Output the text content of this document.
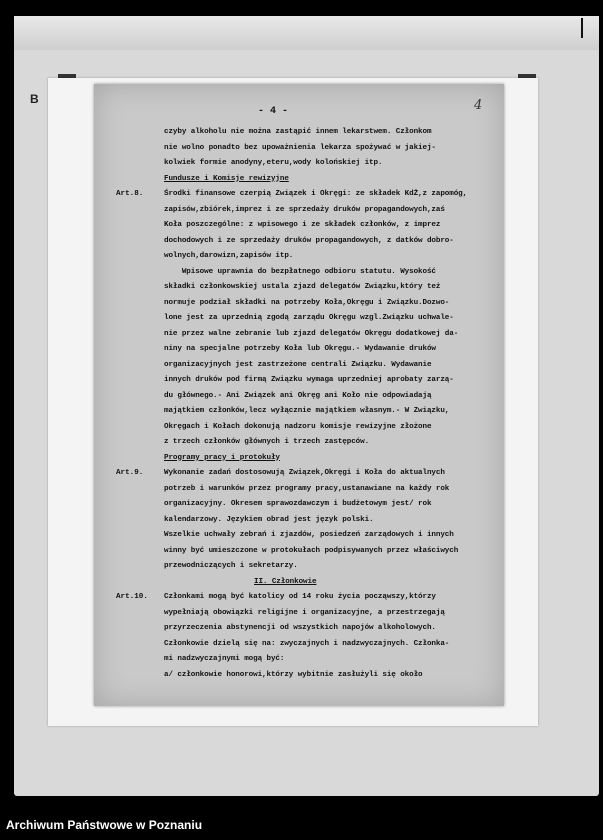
B
- 4 -	4
czyby alkoholu nie można zastąpić innem lekarstwem. Członkom
nie wolno ponadto bez upoważnienia lekarza spożywać w jakiej-
kolwiek formie anodyny,eteru,wody kolońskiej itp.
Fundusze i Komisje rewizyjne
Art.8.	Środki finansowe czerpią Związek i Okręgi: ze składek KdŻ,z zapomóg,
zapisów,zbiórek,imprez i ze sprzedaży druków propagandowych,zaś
Koła poszczególne: z wpisowego i ze składek członków, z imprez
dochodowych i ze sprzedaży druków propagandowych, z datków dobro-
wolnych,darowizn,zapisów itp.
Wpisowe uprawnia do bezpłatnego odbioru statutu. Wysokość
składki członkowskiej ustala zjazd delegatów Związku,który też
normuje podział składki na potrzeby Koła,Okręgu i Związku.Dozwo-
lone jest za uprzednią zgodą zarządu Okręgu wzgl.Związku uchwale-
nie przez walne zebranie lub zjazd delegatów Okręgu dodatkowej da-
niny na specjalne potrzeby Koła lub Okręgu.- Wydawanie druków
organizacyjnych jest zastrzeżone centrali Związku. Wydawanie
innych druków pod firmą Związku wymaga uprzedniej aprobaty zarzą-
du głównego.- Ani Związek ani Okręg ani Koło nie odpowiadają
majątkiem członków,lecz wyłącznie majątkiem własnym.- W Związku,
Okręgach i Kołach dokonują nadzoru komisje rewizyjne złożone
z trzech członków głównych i trzech zastępców.
Programy pracy i protokuły
Art.9.	Wykonanie zadań dostosowują Związek,Okręgi i Koła do aktualnych
potrzeb i warunków przez programy pracy,ustanawiane na każdy rok
organizacyjny. Okresem sprawozdawczym i budżetowym jest/ rok
kalendarzowy. Językiem obrad jest język polski.
Wszelkie uchwały zebrań i zjazdów, posiedzeń zarządowych i innych
winny być umieszczone w protokułach podpisywanych przez właściwych
przewodniczących i sekretarzy.
II. Członkowie
Art.10. Członkami mogą być katolicy od 14 roku życia począwszy,którzy
wypełniają obowiązki religijne i organizacyjne, a przestrzegają
przyrzeczenia abstynencji od wszystkich napojów alkoholowych.
Członkowie dzielą się na: zwyczajnych i nadzwyczajnych. Członka-
mi nadzwyczajnymi mogą być:
a/ członkowie honorowi,którzy wybitnie zasłużyli się około
Archiwum Państwowe w Poznaniu
